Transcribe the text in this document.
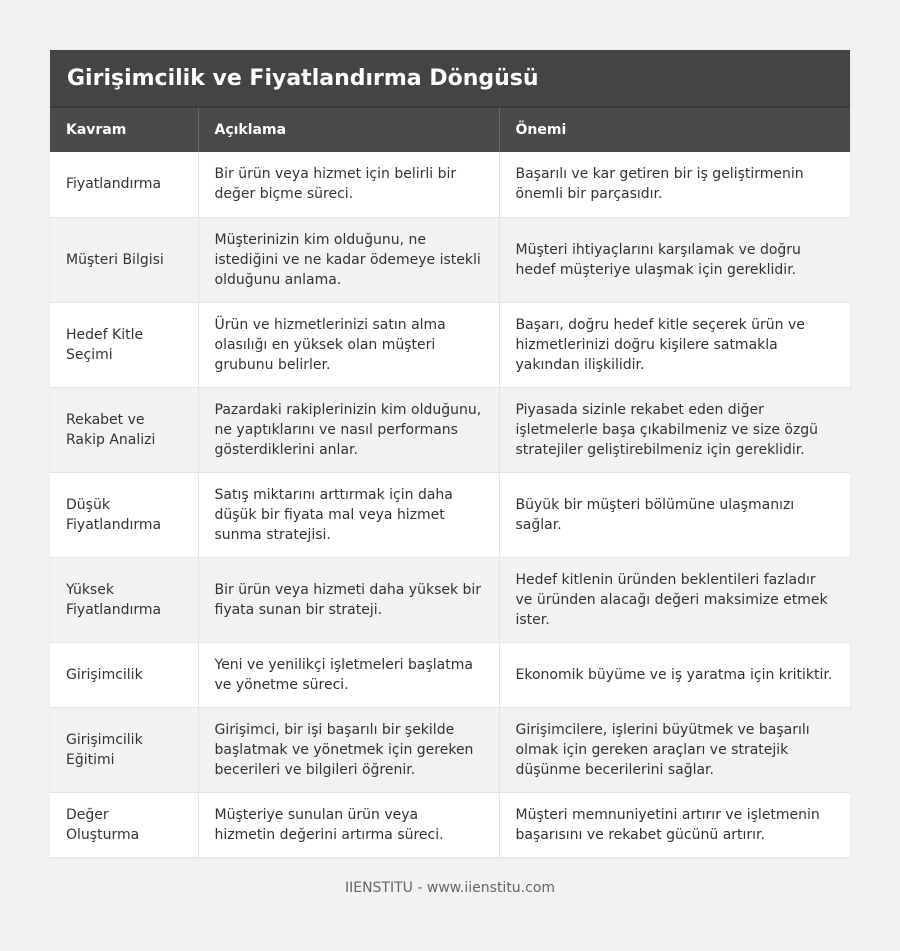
Girişimcilik ve Fiyatlandırma Döngüsü
Kavram	Açıklama	Önemi
Fiyatlandırma	Bir ürün veya hizmet için belirli bir değer biçme süreci.	Başarılı ve kar getiren bir iş geliştirmenin önemli bir parçasıdır.
Müşteri Bilgisi	Müşterinizin kim olduğunu, ne istediğini ve ne kadar ödemeye istekli olduğunu anlama.	Müşteri ihtiyaçlarını karşılamak ve doğru hedef müşteriye ulaşmak için gereklidir.
Hedef Kitle Seçimi	Ürün ve hizmetlerinizi satın alma olasılığı en yüksek olan müşteri grubunu belirler.	Başarı, doğru hedef kitle seçerek ürün ve hizmetlerinizi doğru kişilere satmakla yakından ilişkilidir.
Rekabet ve Rakip Analizi	Pazardaki rakiplerinizin kim olduğunu, ne yaptıklarını ve nasıl performans gösterdiklerini anlar.	Piyasada sizinle rekabet eden diğer işletmelerle başa çıkabilmeniz ve size özgü stratejiler geliştirebilmeniz için gereklidir.
Düşük Fiyatlandırma	Satış miktarını arttırmak için daha düşük bir fiyata mal veya hizmet sunma stratejisi.	Büyük bir müşteri bölümüne ulaşmanızı sağlar.
Yüksek Fiyatlandırma	Bir ürün veya hizmeti daha yüksek bir fiyata sunan bir strateji.	Hedef kitlenin üründen beklentileri fazladır ve üründen alacağı değeri maksimize etmek ister.
Girişimcilik	Yeni ve yenilikçi işletmeleri başlatma ve yönetme süreci.	Ekonomik büyüme ve iş yaratma için kritiktir.
Girişimcilik Eğitimi	Girişimci, bir işi başarılı bir şekilde başlatmak ve yönetmek için gereken becerileri ve bilgileri öğrenir.	Girişimcilere, işlerini büyütmek ve başarılı olmak için gereken araçları ve stratejik düşünme becerilerini sağlar.
Değer Oluşturma	Müşteriye sunulan ürün veya hizmetin değerini artırma süreci.	Müşteri memnuniyetini artırır ve işletmenin başarısını ve rekabet gücünü artırır.
IIENSTITU - www.iienstitu.com
